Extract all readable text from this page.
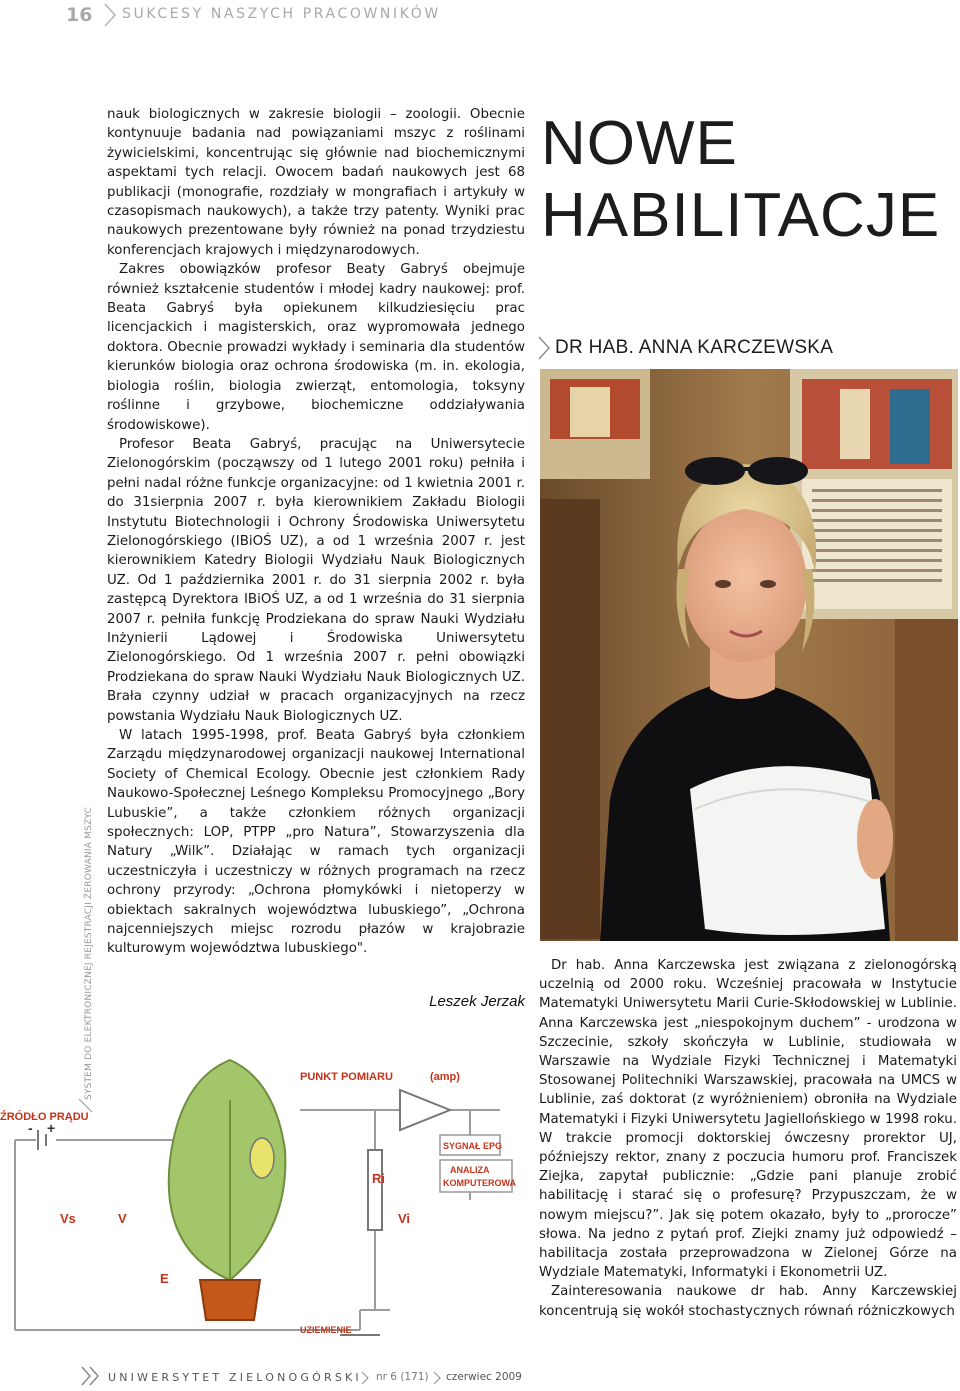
16 SUKCESY NASZYCH PRACOWNIKÓW

nauk biologicznych w zakresie biologii – zoologii. Obecnie kontynuuje badania nad powiązaniami mszyc z roślinami żywicielskimi, koncentrując się głównie nad biochemicznymi aspektami tych relacji. Owocem badań naukowych jest 68 publikacji (monografie, rozdziały w mongrafiach i artykuły w czasopismach naukowych), a także trzy patenty. Wyniki prac naukowych prezentowane były również na ponad trzydziestu konferencjach krajowych i międzynarodowych.

Zakres obowiązków profesor Beaty Gabryś obejmuje również kształcenie studentów i młodej kadry naukowej: prof. Beata Gabryś była opiekunem kilkudziesięciu prac licencjackich i magisterskich, oraz wypromowała jednego doktora. Obecnie prowadzi wykłady i seminaria dla studentów kierunków biologia oraz ochrona środowiska (m. in. ekologia, biologia roślin, biologia zwierząt, entomologia, toksyny roślinne i grzybowe, biochemiczne oddziaływania środowiskowe).

Profesor Beata Gabryś, pracując na Uniwersytecie Zielonogórskim (począwszy od 1 lutego 2001 roku) pełniła i pełni nadal różne funkcje organizacyjne: od 1 kwietnia 2001 r. do 31sierpnia 2007 r. była kierownikiem Zakładu Biologii Instytutu Biotechnologii i Ochrony Środowiska Uniwersytetu Zielonogórskiego (IBiOŚ UZ), a od 1 września 2007 r. jest kierownikiem Katedry Biologii Wydziału Nauk Biologicznych UZ. Od 1 października 2001 r. do 31 sierpnia 2002 r. była zastępcą Dyrektora IBiOŚ UZ, a od 1 września do 31 sierpnia 2007 r. pełniła funkcję Prodziekana do spraw Nauki Wydziału Inżynierii Lądowej i Środowiska Uniwersytetu Zielonogórskiego. Od 1 września 2007 r. pełni obowiązki Prodziekana do spraw Nauki Wydziału Nauk Biologicznych UZ. Brała czynny udział w pracach organizacyjnych na rzecz powstania Wydziału Nauk Biologicznych UZ.

W latach 1995-1998, prof. Beata Gabryś była członkiem Zarządu międzynarodowej organizacji naukowej International Society of Chemical Ecology. Obecnie jest członkiem Rady Naukowo-Społecznej Leśnego Kompleksu Promocyjnego „Bory Lubuskie”, a także członkiem różnych organizacji społecznych: LOP, PTPP „pro Natura”, Stowarzyszenia dla Natury „Wilk”. Działając w ramach tych organizacji uczestniczyła i uczestniczy w różnych programach na rzecz ochrony przyrody: „Ochrona płomykówki i nietoperzy w obiektach sakralnych województwa lubuskiego”, „Ochrona najcenniejszych miejsc rozrodu płazów w krajobrazie kulturowym województwa lubuskiego".

Leszek Jerzak
NOWE
HABILITACJE
DR HAB. ANNA KARCZEWSKA

Dr hab. Anna Karczewska jest związana z zielonogórską uczelnią od 2000 roku. Wcześniej pracowała w Instytucie Matematyki Uniwersytetu Marii Curie-Skłodowskiej w Lublinie. Anna Karczewska jest „niespokojnym duchem” - urodzona w Szczecinie, szkoły skończyła w Lublinie, studiowała w Warszawie na Wydziale Fizyki Technicznej i Matematyki Stosowanej Politechniki Warszawskiej, pracowała na UMCS w Lublinie, zaś doktorat (z wyróżnieniem) obroniła na Wydziale Matematyki i Fizyki Uniwersytetu Jagiellońskiego w 1998 roku. W trakcie promocji doktorskiej ówczesny prorektor UJ, późniejszy rektor, znany z poczucia humoru prof. Franciszek Ziejka, zapytał publicznie: „Gdzie pani planuje zrobić habilitację i starać się o profesurę? Przypuszczam, że w nowym miejscu?”. Jak się potem okazało, były to „prorocze” słowa. Na jedno z pytań prof. Ziejki znamy już odpowiedź – habilitacja została przeprowadzona w Zielonej Górze na Wydziale Matematyki, Informatyki i Ekonometrii UZ.

Zainteresowania naukowe dr hab. Anny Karczewskiej koncentrują się wokół stochastycznych równań różniczkowych

SYSTEM DO ELEKTRONICZNEJ REJESTRACJI ŻEROWANIA MSZYC
ŹRÓDŁO PRĄDU
PUNKT POMIARU	(amp)
SYGNAŁ EPG
ANALIZA
KOMPUTEROWA
UZIEMIENIE
Vs	V
E
Ri
Vi
+
-
UNIWERSYTET ZIELONOGÓRSKI nr 6 (171) czerwiec 2009
